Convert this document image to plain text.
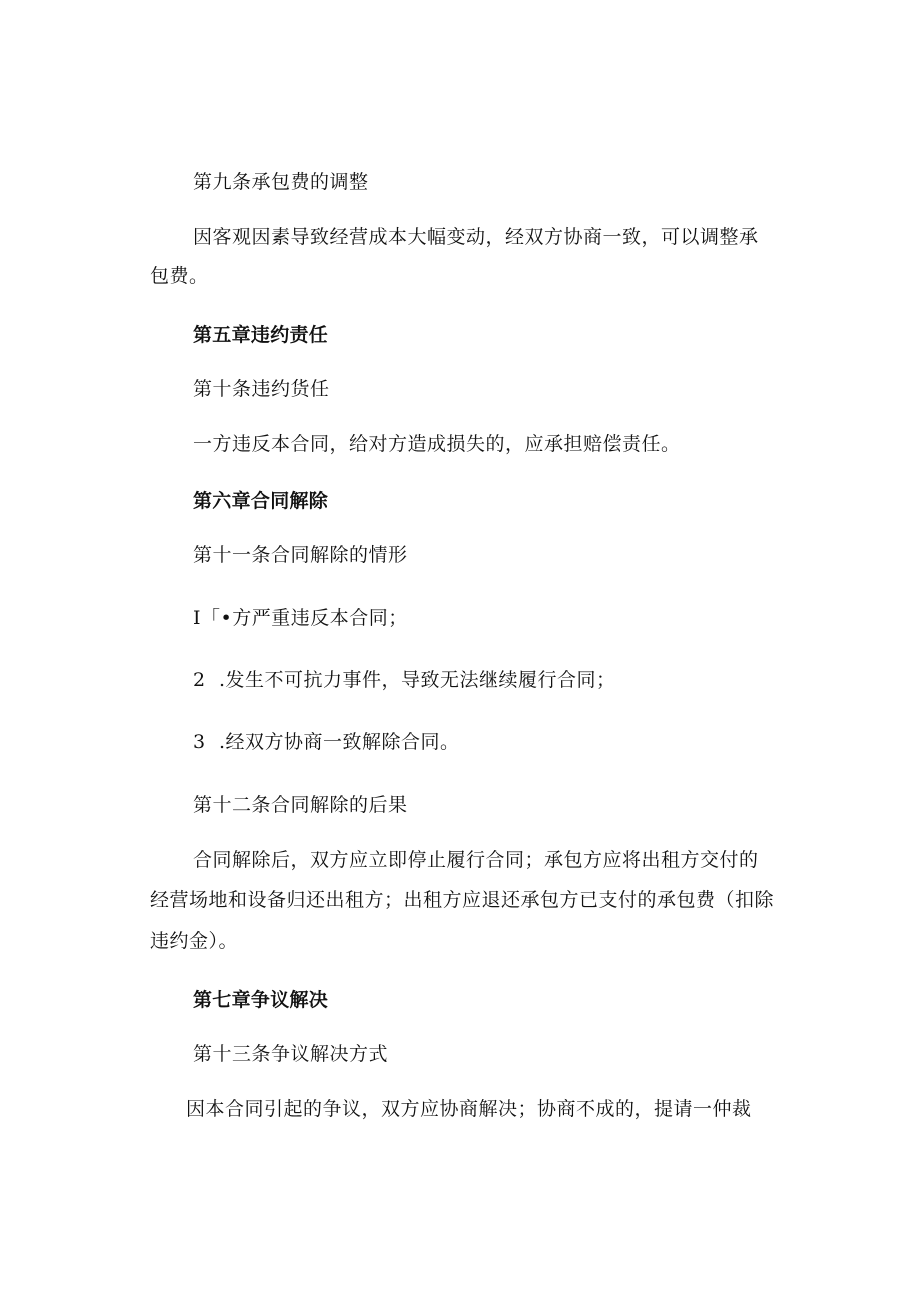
第九条承包费的调整

因客观因素导致经营成本大幅变动，经双方协商一致，可以调整承

包费。

第五章违约责任

第十条违约货任

一方违反本合同，给对方造成损失的，应承担赔偿责任。

第六章合同解除

第十一条合同解除的情形

I「•方严重违反本合同；

2 .发生不可抗力事件，导致无法继续履行合同；

3 .经双方协商一致解除合同。

第十二条合同解除的后果

合同解除后，双方应立即停止履行合同；承包方应将出租方交付的

经营场地和设备归还出租方；出租方应退还承包方已支付的承包费（扣除

违约金）。

第七章争议解决

第十三条争议解决方式

因本合同引起的争议，双方应协商解决；协商不成的，提请一仲裁
